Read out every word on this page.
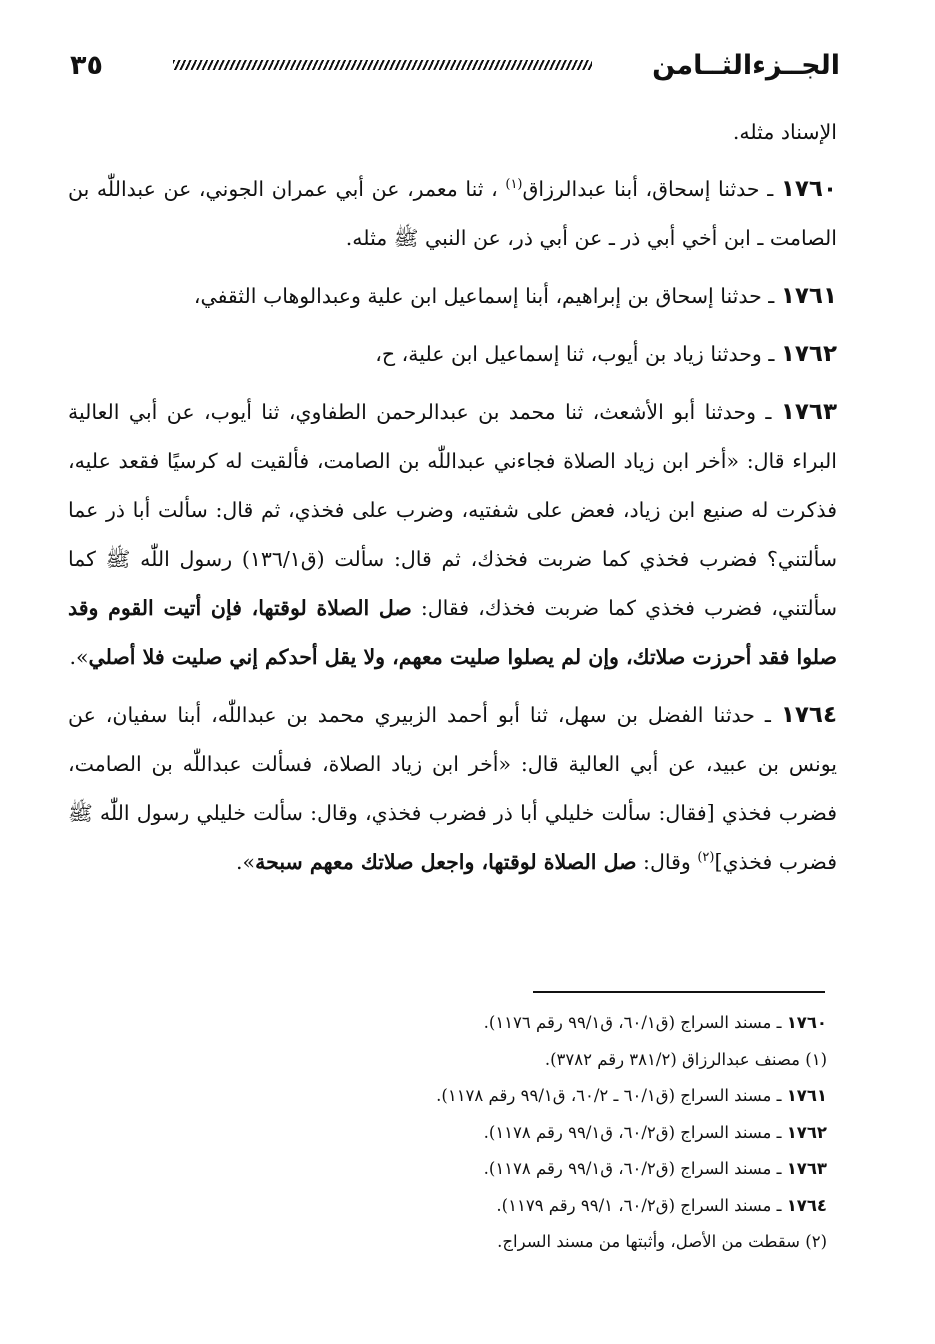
الجــزءالثــامن
٣٥

الإسناد مثله.

١٧٦٠ ـ حدثنا إسحاق، أبنا عبدالرزاق$^{(١)}$ ، ثنا معمر، عن أبي عمران الجوني، عن عبداللّٰه بن الصامت ـ ابن أخي أبي ذر ـ عن أبي ذر، عن النبي ﷺ مثله.

١٧٦١ ـ حدثنا إسحاق بن إبراهيم، أبنا إسماعيل ابن علية وعبدالوهاب الثقفي،

١٧٦٢ ـ وحدثنا زياد بن أيوب، ثنا إسماعيل ابن علية، ح،

١٧٦٣ ـ وحدثنا أبو الأشعث، ثنا محمد بن عبدالرحمن الطفاوي، ثنا أيوب، عن أبي العالية البراء قال: «أخر ابن زياد الصلاة فجاءني عبداللّٰه بن الصامت، فألقيت له كرسيًا فقعد عليه، فذكرت له صنيع ابن زياد، فعض على شفتيه، وضرب على فخذي، ثم قال: سألت أبا ذر عما سألتني؟ فضرب فخذي كما ضربت فخذك، ثم قال: سألت (ق١٣٦/١) رسول اللّٰه ﷺ كما سألتني، فضرب فخذي كما ضربت فخذك، فقال: صل الصلاة لوقتها، فإن أتيت القوم وقد صلوا فقد أحرزت صلاتك، وإن لم يصلوا صليت معهم، ولا يقل أحدكم إني صليت فلا أصلي».

١٧٦٤ ـ حدثنا الفضل بن سهل، ثنا أبو أحمد الزبيري محمد بن عبداللّٰه، أبنا سفيان، عن يونس بن عبيد، عن أبي العالية قال: «أخر ابن زياد الصلاة، فسألت عبداللّٰه بن الصامت، فضرب فخذي [فقال: سألت خليلي أبا ذر فضرب فخذي، وقال: سألت خليلي رسول اللّٰه ﷺ فضرب فخذي]$^{(٢)}$ وقال: صل الصلاة لوقتها، واجعل صلاتك معهم سبحة».

١٧٦٠ ـ مسند السراج (ق٦٠/١، ق٩٩/١ رقم ١١٧٦).
(١) مصنف عبدالرزاق (٣٨١/٢ رقم ٣٧٨٢).
١٧٦١ ـ مسند السراج (ق٦٠/١ ـ ٦٠/٢، ق٩٩/١ رقم ١١٧٨).
١٧٦٢ ـ مسند السراج (ق٦٠/٢، ق٩٩/١ رقم ١١٧٨).
١٧٦٣ ـ مسند السراج (ق٦٠/٢، ق٩٩/١ رقم ١١٧٨).
١٧٦٤ ـ مسند السراج (ق٦٠/٢، ٩٩/١ رقم ١١٧٩).
(٢) سقطت من الأصل، وأثبتها من مسند السراج.
